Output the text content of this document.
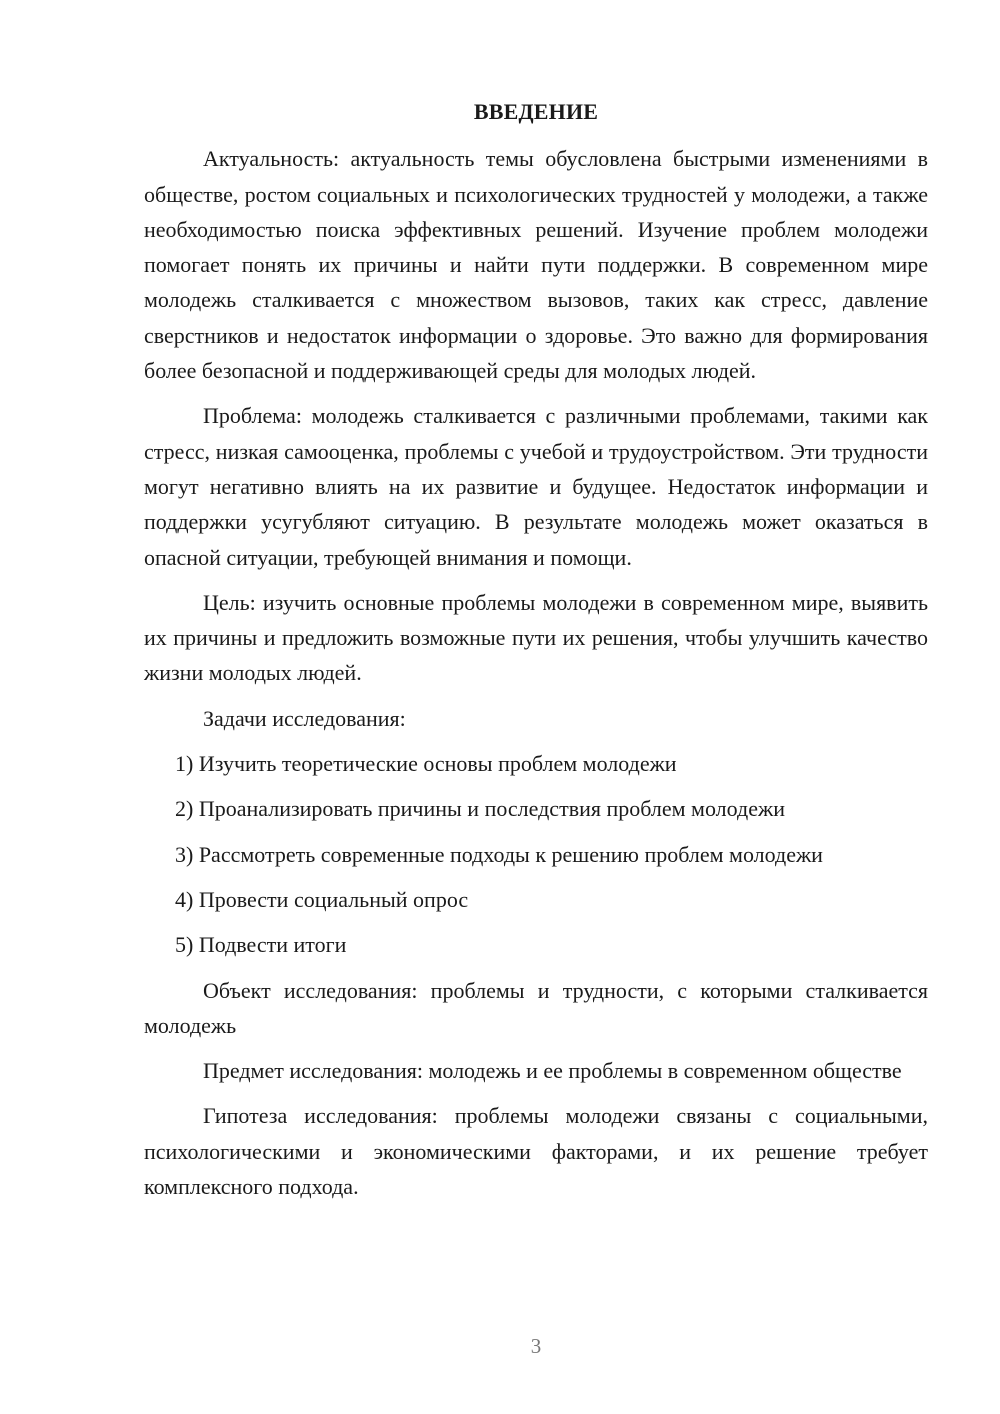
ВВЕДЕНИЕ

Актуальность: актуальность темы обусловлена быстрыми изменениями в обществе, ростом социальных и психологических трудностей у молодежи, а также необходимостью поиска эффективных решений. Изучение проблем молодежи помогает понять их причины и найти пути поддержки. В современном мире молодежь сталкивается с множеством вызовов, таких как стресс, давление сверстников и недостаток информации о здоровье. Это важно для формирования более безопасной и поддерживающей среды для молодых людей.

Проблема: молодежь сталкивается с различными проблемами, такими как стресс, низкая самооценка, проблемы с учебой и трудоустройством. Эти трудности могут негативно влиять на их развитие и будущее. Недостаток информации и поддержки усугубляют ситуацию. В результате молодежь может оказаться в опасной ситуации, требующей внимания и помощи.

Цель: изучить основные проблемы молодежи в современном мире, выявить их причины и предложить возможные пути их решения, чтобы улучшить качество жизни молодых людей.

Задачи исследования:

1) Изучить теоретические основы проблем молодежи
2) Проанализировать причины и последствия проблем молодежи
3) Рассмотреть современные подходы к решению проблем молодежи
4) Провести социальный опрос
5) Подвести итоги

Объект исследования: проблемы и трудности, с которыми сталкивается молодежь

Предмет исследования: молодежь и ее проблемы в современном обществе

Гипотеза исследования: проблемы молодежи связаны с социальными, психологическими и экономическими факторами, и их решение требует комплексного подхода.

3
